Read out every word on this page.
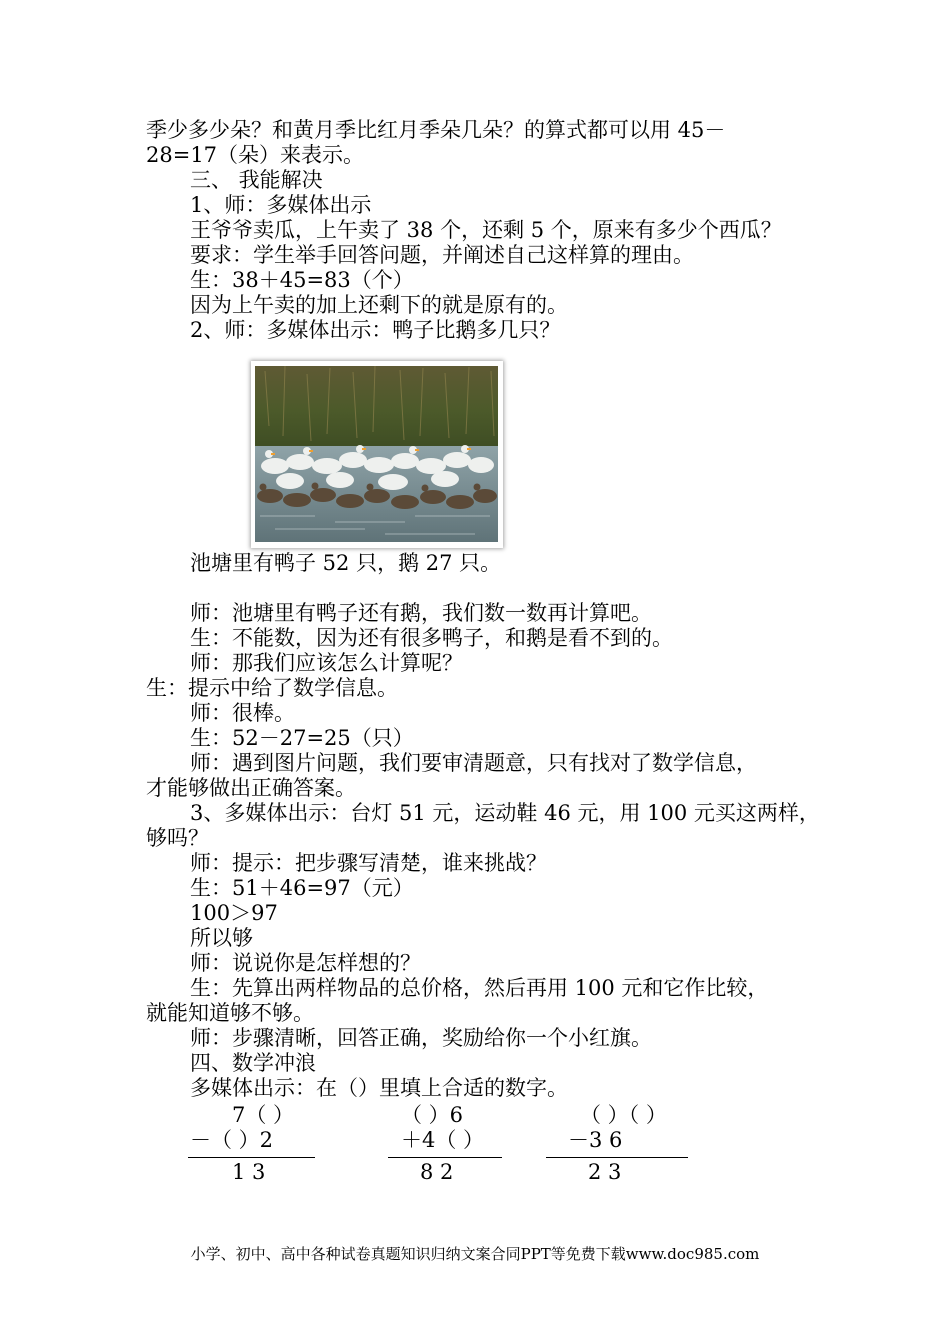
季少多少朵？和黄月季比红月季朵几朵？的算式都可以用 45－
28=17（朵）来表示。
三、 我能解决
1、师：多媒体出示
王爷爷卖瓜，上午卖了 38 个，还剩 5 个，原来有多少个西瓜？
要求：学生举手回答问题，并阐述自己这样算的理由。
生：38＋45=83（个）
因为上午卖的加上还剩下的就是原有的。
2、师：多媒体出示：鸭子比鹅多几只？
池塘里有鸭子 52 只，鹅 27 只。
师：池塘里有鸭子还有鹅，我们数一数再计算吧。
生：不能数，因为还有很多鸭子，和鹅是看不到的。
师：那我们应该怎么计算呢？
生：提示中给了数学信息。
师：很棒。
生：52－27=25（只）
师：遇到图片问题，我们要审清题意，只有找对了数学信息，
才能够做出正确答案。
3、多媒体出示：台灯 51 元，运动鞋 46 元，用 100 元买这两样，
够吗？
师：提示：把步骤写清楚，谁来挑战？
生：51＋46=97（元）
100＞97
所以够
师：说说你是怎样想的？
生：先算出两样物品的总价格，然后再用 100 元和它作比较，
就能知道够不够。
师：步骤清晰，回答正确，奖励给你一个小红旗。
四、数学冲浪
多媒体出示：在（）里填上合适的数字。
7（ ）
－（ ）2
1 3
（ ）6
＋4（ ）
8 2
（ ）（ ）
－3 6
2 3
小学、初中、高中各种试卷真题知识归纳文案合同PPT等免费下载www.doc985.com
